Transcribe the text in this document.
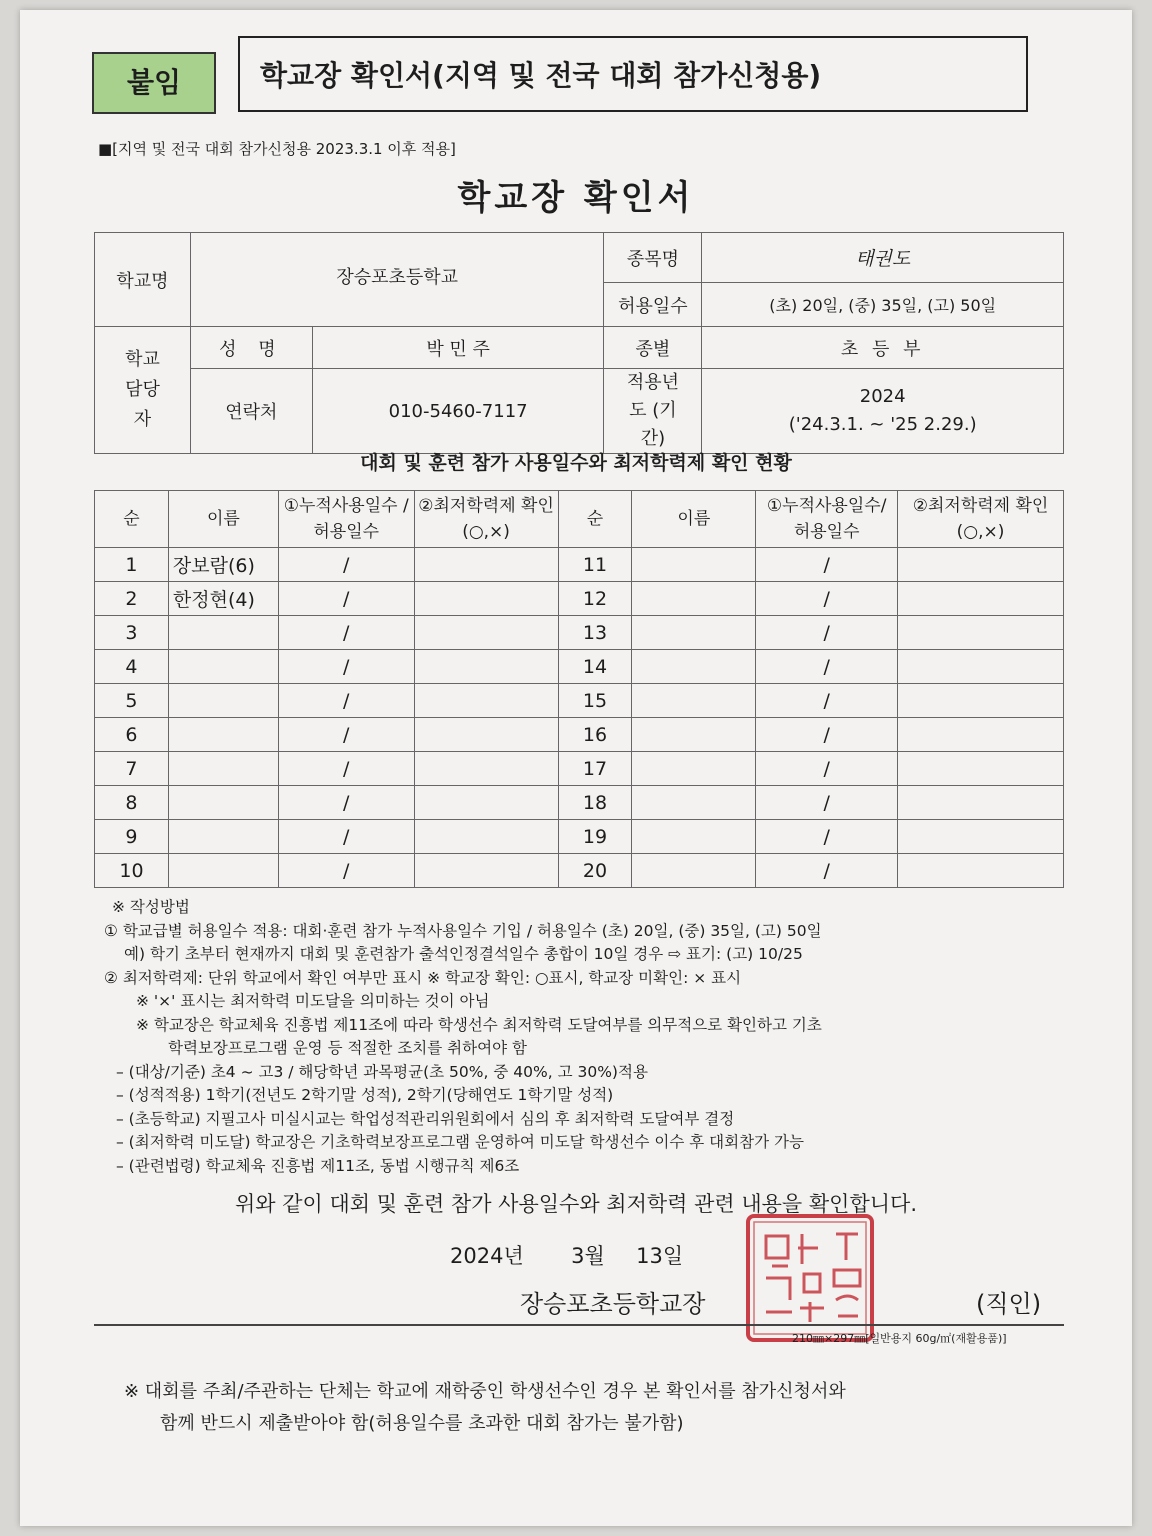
붙임	학교장 확인서(지역 및 전국 대회 참가신청용)
■[지역 및 전국 대회 참가신청용 2023.3.1 이후 적용]
학교장 확인서
학교명	장승포초등학교		종목명	태권도
			허용일수	(초) 20일, (중) 35일, (고) 50일
학교 담당자	성 명	박 민 주	종별	초 등 부
	연락처	010-5460-7117	적용년도 (기간)	2024
('24.3.1. ~ '25 2.29.)
대회 및 훈련 참가 사용일수와 최저학력제 확인 현황
순	이름	①누적사용일수 /허용일수	②최저학력제 확인(○,×)	순	이름	①누적사용일수/ 허용일수	②최저학력제 확인(○,×)
1	장보람(6)	/		11		/	
2	한정현(4)	/		12		/	
3		/		13		/	
4		/		14		/	
5		/		15		/	
6		/		16		/	
7		/		17		/	
8		/		18		/	
9		/		19		/	
10		/		20		/	
※ 작성방법
① 학교급별 허용일수 적용: 대회·훈련 참가 누적사용일수 기입 / 허용일수 (초) 20일, (중) 35일, (고) 50일
예) 학기 초부터 현재까지 대회 및 훈련참가 출석인정결석일수 총합이 10일 경우 ⇨ 표기: (고) 10/25
② 최저학력제: 단위 학교에서 확인 여부만 표시 ※ 학교장 확인: ○표시, 학교장 미확인: × 표시
※ '×' 표시는 최저학력 미도달을 의미하는 것이 아님
※ 학교장은 학교체육 진흥법 제11조에 따라 학생선수 최저학력 도달여부를 의무적으로 확인하고 기초
학력보장프로그램 운영 등 적절한 조치를 취하여야 함
– (대상/기준) 초4 ~ 고3 / 해당학년 과목평균(초 50%, 중 40%, 고 30%)적용
– (성적적용) 1학기(전년도 2학기말 성적), 2학기(당해연도 1학기말 성적)
– (초등학교) 지필고사 미실시교는 학업성적관리위원회에서 심의 후 최저학력 도달여부 결정
– (최저학력 미도달) 학교장은 기초학력보장프로그램 운영하여 미도달 학생선수 이수 후 대회참가 가능
– (관련법령) 학교체육 진흥법 제11조, 동법 시행규칙 제6조
위와 같이 대회 및 훈련 참가 사용일수와 최저학력 관련 내용을 확인합니다.
2024년 3월 13일
장승포초등학교장	(직인)
210㎜×297㎜[일반용지 60g/㎡(재활용품)]
※ 대회를 주최/주관하는 단체는 학교에 재학중인 학생선수인 경우 본 확인서를 참가신청서와
함께 반드시 제출받아야 함(허용일수를 초과한 대회 참가는 불가함)
